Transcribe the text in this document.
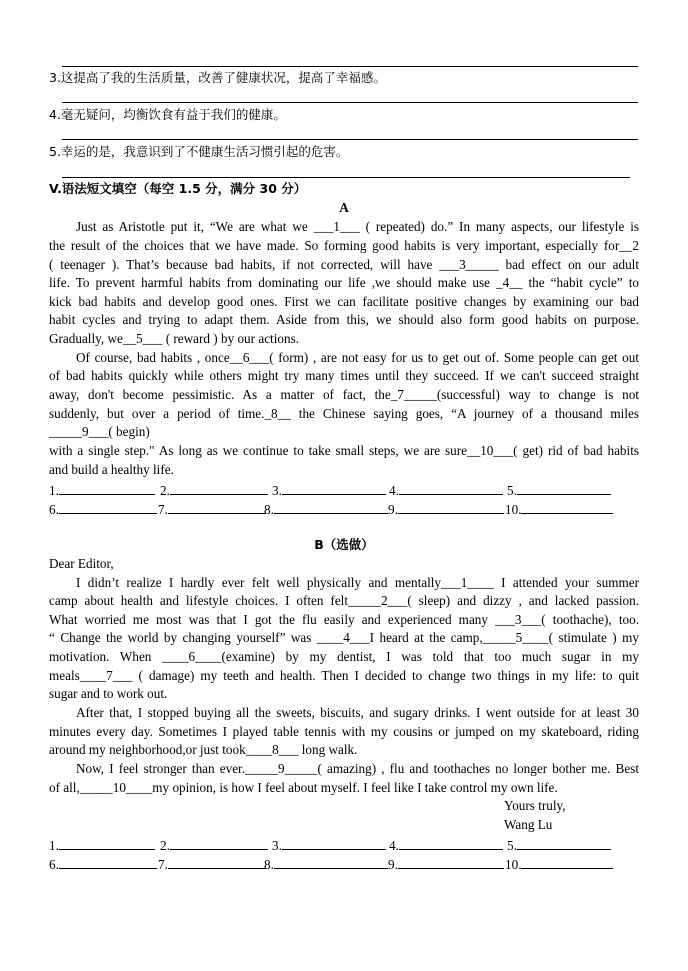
3.这提高了我的生活质量，改善了健康状况，提高了幸福感。
4.毫无疑问，均衡饮食有益于我们的健康。
5.幸运的是，我意识到了不健康生活习惯引起的危害。
V.语法短文填空（每空 1.5 分，满分 30 分）
A
Just as Aristotle put it, “We are what we ___1___ ( repeated) do.” In many aspects, our lifestyle is
the result of the choices that we have made. So forming good habits is very important, especially for__2
( teenager ). That’s because bad habits, if not corrected, will have ___3_____ bad effect on our adult
life. To prevent harmful habits from dominating our life ,we should make use _4__ the “habit cycle” to
kick bad habits and develop good ones. First we can facilitate positive changes by examining our bad
habit cycles and trying to adapt them. Aside from this, we should also form good habits on purpose.
Gradually, we__5___ ( reward ) by our actions.
Of course, bad habits , once__6___( form) , are not easy for us to get out of. Some people can get out
of bad habits quickly while others might try many times until they succeed. If we can't succeed straight
away, don't become pessimistic. As a matter of fact, the_7_____(successful) way to change is not
suddenly, but over a period of time._8__ the Chinese saying goes, “A journey of a thousand miles
_____9___( begin)
with a single step." As long as we continue to take small steps, we are sure__10___( get) rid of bad habits
and build a healthy life.
1.	2.	3.	4.	5.
6.	7.	8.	9.	10.
B（选做）
Dear Editor,
I didn’t realize I hardly ever felt well physically and mentally___1____ I attended your summer
camp about health and lifestyle choices. I often felt_____2___( sleep) and dizzy , and lacked passion.
What worried me most was that I got the flu easily and experienced many ___3___( toothache), too.
“ Change the world by changing yourself” was ____4___I heard at the camp,_____5____( stimulate ) my
motivation. When ____6____(examine) by my dentist, I was told that too much sugar in my
meals____7___ ( damage) my teeth and health. Then I decided to change two things in my life: to quit
sugar and to work out.
After that, I stopped buying all the sweets, biscuits, and sugary drinks. I went outside for at least 30
minutes every day. Sometimes I played table tennis with my cousins or jumped on my skateboard, riding
around my neighborhood,or just took____8___ long walk.
Now, I feel stronger than ever._____9_____( amazing) , flu and toothaches no longer bother me. Best
of all,_____10____my opinion, is how I feel about myself. I feel like I take control my own life.
Yours truly,
Wang Lu
1.	2.	3.	4.	5.
6.	7.	8.	9.	10.
